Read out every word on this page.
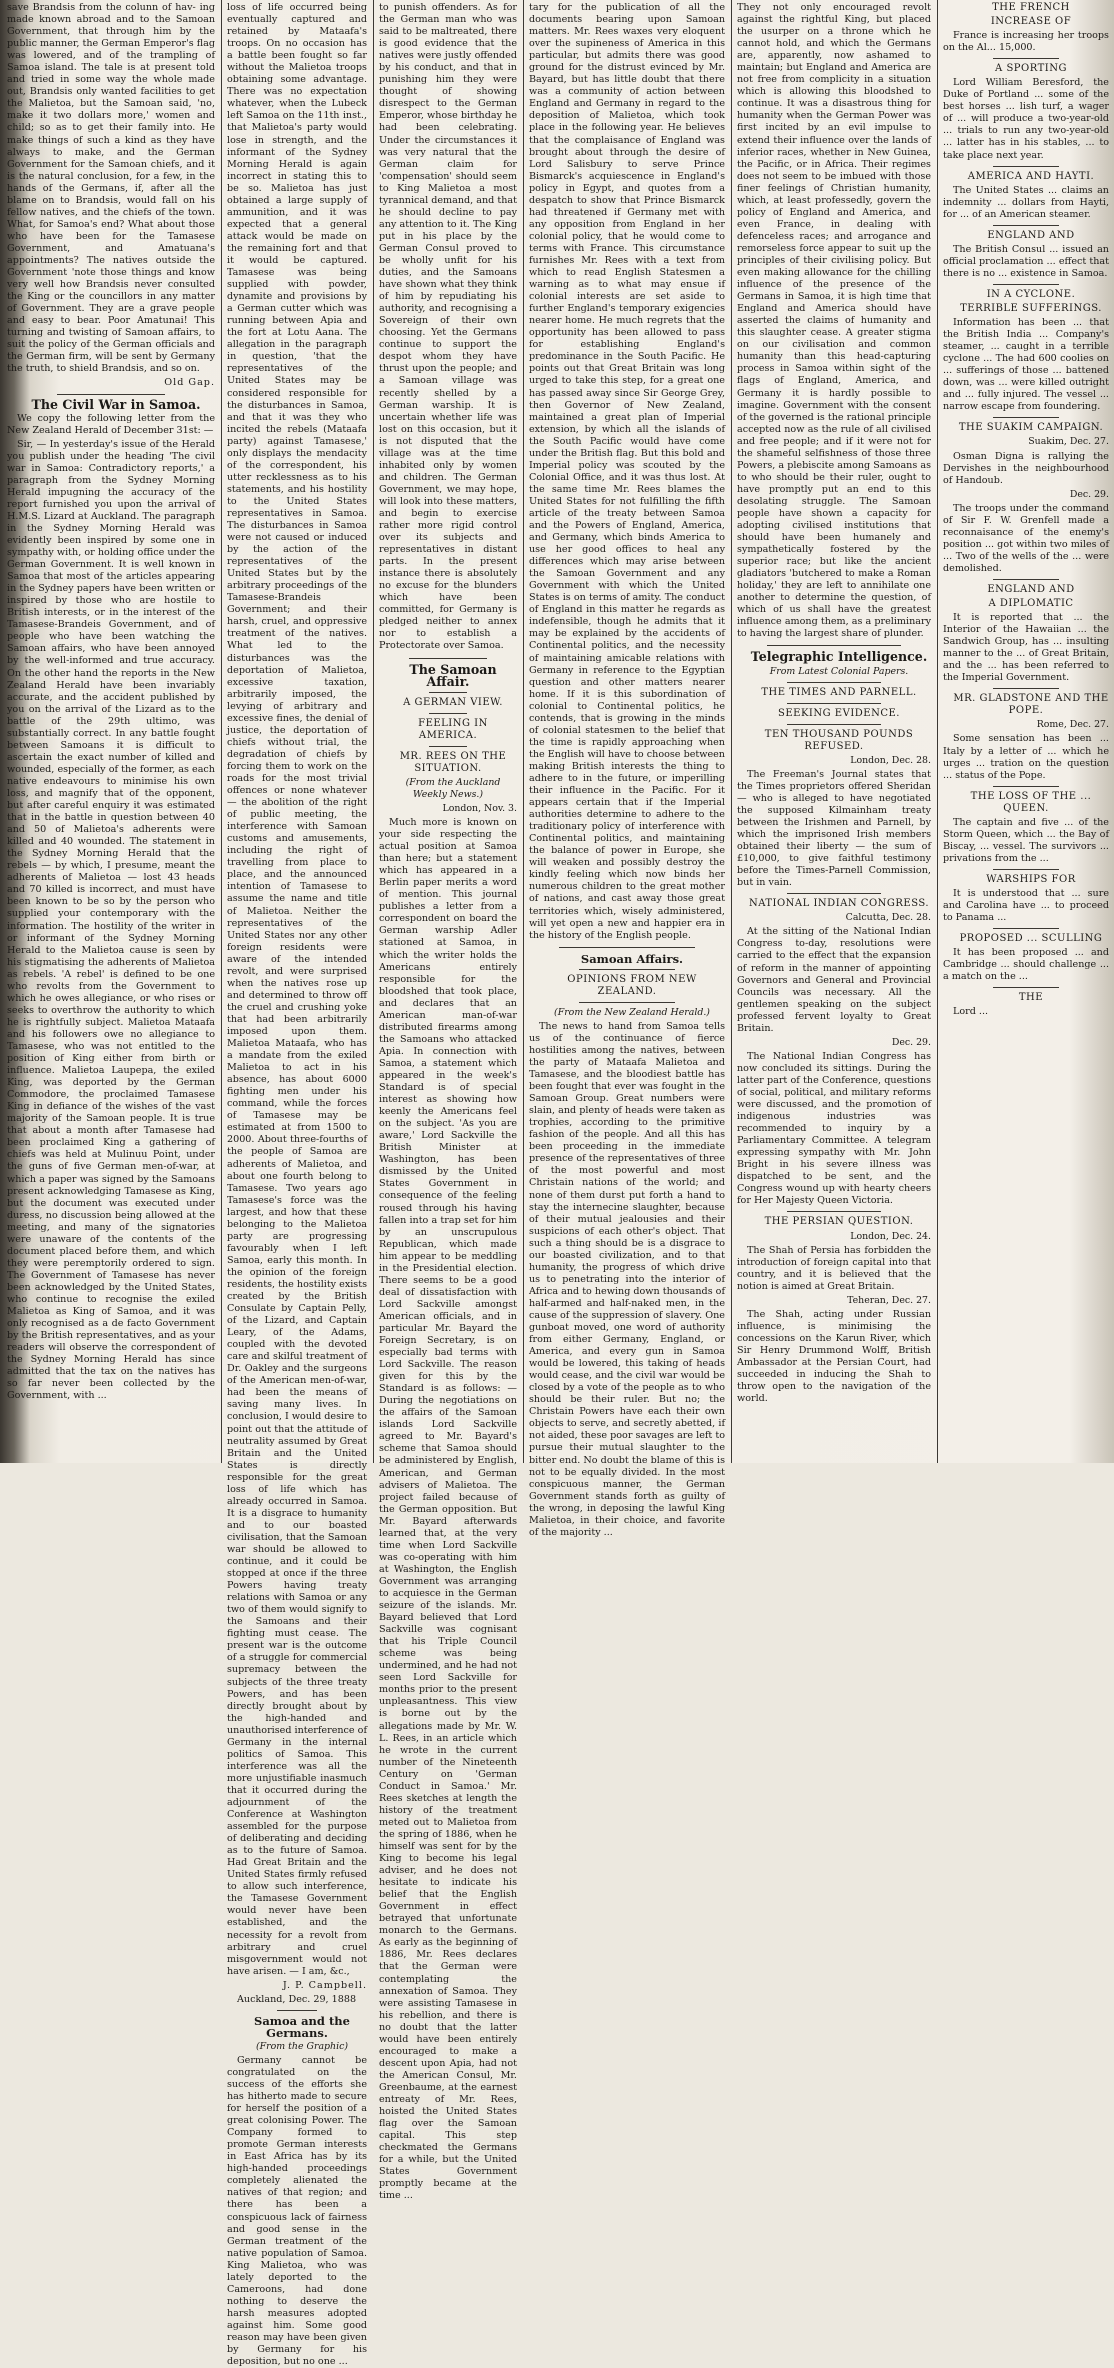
save Brandsis from the colunn of hav- ing made known abroad and to the Samoan Government, that through him by the public manner, the German Emperor's flag was lowered, and of the trampling of Samoa island. The tale is at present told and tried in some way the whole made out, Brandsis only wanted facilities to get the Malietoa, but the Samoan said, 'no, make it two dollars more,' women and child; so as to get their family into. He make things of such a kind as they have always to make, and the German Government for the Samoan chiefs, and it is the natural conclusion, for a few, in the hands of the Germans, if, after all the blame on to Brandsis, would fall on his fellow natives, and the chiefs of the town. What, for Samoa's end? What about those who have been for the Tamasese Government, and Amatuana's appointments? The natives outside the Government 'note those things and know very well how Brandsis never consulted the King or the councillors in any matter of Government. They are a grave people and easy to bear. Poor Amatunai! This turning and twisting of Samoan affairs, to suit the policy of the German officials and the German firm, will be sent by Germany the truth, to shield Brandsis, and so on.

Old Gap.

The Civil War in Samoa.

We copy the following letter from the New Zealand Herald of December 31st: —

Sir, — In yesterday's issue of the Herald you publish under the heading 'The civil war in Samoa: Contradictory reports,' a paragraph from the Sydney Morning Herald impugning the accuracy of the report furnished you upon the arrival of H.M.S. Lizard at Auckland. The paragraph in the Sydney Morning Herald was evidently been inspired by some one in sympathy with, or holding office under the German Government. It is well known in Samoa that most of the articles appearing in the Sydney papers have been written or inspired by those who are hostile to British interests, or in the interest of the Tamasese-Brandeis Government, and of people who have been watching the Samoan affairs, who have been annoyed by the well-informed and true accuracy. On the other hand the reports in the New Zealand Herald have been invariably accurate, and the accident published by you on the arrival of the Lizard as to the battle of the 29th ultimo, was substantially correct. In any battle fought between Samoans it is difficult to ascertain the exact number of killed and wounded, especially of the former, as each native endeavours to minimise his own loss, and magnify that of the opponent, but after careful enquiry it was estimated that in the battle in question between 40 and 50 of Malietoa's adherents were killed and 40 wounded. The statement in the Sydney Morning Herald that the rebels — by which, I presume, meant the adherents of Malietoa — lost 43 heads and 70 killed is incorrect, and must have been known to be so by the person who supplied your contemporary with the information. The hostility of the writer in or informant of the Sydney Morning Herald to the Malietoa cause is seen by his stigmatising the adherents of Malietoa as rebels. 'A rebel' is defined to be one who revolts from the Government to which he owes allegiance, or who rises or seeks to overthrow the authority to which he is rightfully subject. Malietoa Mataafa and his followers owe no allegiance to Tamasese, who was not entitled to the position of King either from birth or influence. Malietoa Laupepa, the exiled King, was deported by the German Commodore, the proclaimed Tamasese King in defiance of the wishes of the vast majority of the Samoan people. It is true that about a month after Tamasese had been proclaimed King a gathering of chiefs was held at Mulinuu Point, under the guns of five German men-of-war, at which a paper was signed by the Samoans present acknowledging Tamasese as King, but the document was executed under duress, no discussion being allowed at the meeting, and many of the signatories were unaware of the contents of the document placed before them, and which they were peremptorily ordered to sign. The Government of Tamasese has never been acknowledged by the United States, who continue to recognise the exiled Malietoa as King of Samoa, and it was only recognised as a de facto Government by the British representatives, and as your readers will observe the correspondent of the Sydney Morning Herald has since admitted that the tax on the natives has so far never been collected by the Government, with ...

loss of life occurred being eventually captured and retained by Mataafa's troops. On no occasion has a battle been fought so far without the Malietoa troops obtaining some advantage. There was no expectation whatever, when the Lubeck left Samoa on the 11th inst., that Malietoa's party would lose in strength, and the informant of the Sydney Morning Herald is again incorrect in stating this to be so. Malietoa has just obtained a large supply of ammunition, and it was expected that a general attack would be made on the remaining fort and that it would be captured. Tamasese was being supplied with powder, dynamite and provisions by a German cutter which was running between Apia and the fort at Lotu Aana. The allegation in the paragraph in question, 'that the representatives of the United States may be considered responsible for the disturbances in Samoa, and that it was they who incited the rebels (Mataafa party) against Tamasese,' only displays the mendacity of the correspondent, his utter recklessness as to his statements, and his hostility to the United States representatives in Samoa. The disturbances in Samoa were not caused or induced by the action of the representatives of the United States but by the arbitrary proceedings of the Tamasese-Brandeis Government; and their harsh, cruel, and oppressive treatment of the natives. What led to the disturbances was the deportation of Malietoa, excessive taxation, arbitrarily imposed, the levying of arbitrary and excessive fines, the denial of justice, the deportation of chiefs without trial, the degradation of chiefs by forcing them to work on the roads for the most trivial offences or none whatever — the abolition of the right of public meeting, the interference with Samoan customs and amusements, including the right of travelling from place to place, and the announced intention of Tamasese to assume the name and title of Malietoa. Neither the representatives of the United States nor any other foreign residents were aware of the intended revolt, and were surprised when the natives rose up and determined to throw off the cruel and crushing yoke that had been arbitrarily imposed upon them. Malietoa Mataafa, who has a mandate from the exiled Malietoa to act in his absence, has about 6000 fighting men under his command, while the forces of Tamasese may be estimated at from 1500 to 2000. About three-fourths of the people of Samoa are adherents of Malietoa, and about one fourth belong to Tamasese. Two years ago Tamasese's force was the largest, and how that these belonging to the Malietoa party are progressing favourably when I left Samoa, early this month. In the opinion of the foreign residents, the hostility exists created by the British Consulate by Captain Pelly, of the Lizard, and Captain Leary, of the Adams, coupled with the devoted care and skilful treatment of Dr. Oakley and the surgeons of the American men-of-war, had been the means of saving many lives. In conclusion, I would desire to point out that the attitude of neutrality assumed by Great Britain and the United States is directly responsible for the great loss of life which has already occurred in Samoa. It is a disgrace to humanity and to our boasted civilisation, that the Samoan war should be allowed to continue, and it could be stopped at once if the three Powers having treaty relations with Samoa or any two of them would signify to the Samoans and their fighting must cease. The present war is the outcome of a struggle for commercial supremacy between the subjects of the three treaty Powers, and has been directly brought about by the high-handed and unauthorised interference of Germany in the internal politics of Samoa. This interference was all the more unjustifiable inasmuch that it occurred during the adjournment of the Conference at Washington assembled for the purpose of deliberating and deciding as to the future of Samoa. Had Great Britain and the United States firmly refused to allow such interference, the Tamasese Government would never have been established, and the necessity for a revolt from arbitrary and cruel misgovernment would not have arisen. — I am, &c.,

J. P. Campbell.

Auckland, Dec. 29, 1888

Samoa and the Germans.

(From the Graphic)

Germany cannot be congratulated on the success of the efforts she has hitherto made to secure for herself the position of a great colonising Power. The Company formed to promote German interests in East Africa has by its high-handed proceedings completely alienated the natives of that region; and there has been a conspicuous lack of fairness and good sense in the German treatment of the native population of Samoa. King Malietoa, who was lately deported to the Cameroons, had done nothing to deserve the harsh measures adopted against him. Some good reason may have been given by Germany for his deposition, but no one ...

to punish offenders. As for the German man who was said to be maltreated, there is good evidence that the natives were justly offended by his conduct, and that in punishing him they were thought of showing disrespect to the German Emperor, whose birthday he had been celebrating. Under the circumstances it was very natural that the German claim for 'compensation' should seem to King Malietoa a most tyrannical demand, and that he should decline to pay any attention to it. The King put in his place by the German Consul proved to be wholly unfit for his duties, and the Samoans have shown what they think of him by repudiating his authority, and recognising a Sovereign of their own choosing. Yet the Germans continue to support the despot whom they have thrust upon the people; and a Samoan village was recently shelled by a German warship. It is uncertain whether life was lost on this occasion, but it is not disputed that the village was at the time inhabited only by women and children. The German Government, we may hope, will look into these matters, and begin to exercise rather more rigid control over its subjects and representatives in distant parts. In the present instance there is absolutely no excuse for the blunders which have been committed, for Germany is pledged neither to annex nor to establish a Protectorate over Samoa.

The Samoan Affair.

A GERMAN VIEW.

FEELING IN AMERICA.

MR. REES ON THE SITUATION.

(From the Auckland Weekly News.)

London, Nov. 3.

Much more is known on your side respecting the actual position at Samoa than here; but a statement which has appeared in a Berlin paper merits a word of mention. This journal publishes a letter from a correspondent on board the German warship Adler stationed at Samoa, in which the writer holds the Americans entirely responsible for the bloodshed that took place, and declares that an American man-of-war distributed firearms among the Samoans who attacked Apia. In connection with Samoa, a statement which appeared in the week's Standard is of special interest as showing how keenly the Americans feel on the subject. 'As you are aware,' Lord Sackville the British Minister at Washington, has been dismissed by the United States Government in consequence of the feeling roused through his having fallen into a trap set for him by an unscrupulous Republican, which made him appear to be meddling in the Presidential election. There seems to be a good deal of dissatisfaction with Lord Sackville amongst American officials, and in particular Mr. Bayard the Foreign Secretary, is on especially bad terms with Lord Sackville. The reason given for this by the Standard is as follows: — During the negotiations on the affairs of the Samoan islands Lord Sackville agreed to Mr. Bayard's scheme that Samoa should be administered by English, American, and German advisers of Malietoa. The project failed because of the German opposition. But Mr. Bayard afterwards learned that, at the very time when Lord Sackville was co-operating with him at Washington, the English Government was arranging to acquiesce in the German seizure of the islands. Mr. Bayard believed that Lord Sackville was cognisant that his Triple Council scheme was being undermined, and he had not seen Lord Sackville for months prior to the present unpleasantness. This view is borne out by the allegations made by Mr. W. L. Rees, in an article which he wrote in the current number of the Nineteenth Century on 'German Conduct in Samoa.' Mr. Rees sketches at length the history of the treatment meted out to Malietoa from the spring of 1886, when he himself was sent for by the King to become his legal adviser, and he does not hesitate to indicate his belief that the English Government in effect betrayed that unfortunate monarch to the Germans. As early as the beginning of 1886, Mr. Rees declares that the German were contemplating the annexation of Samoa. They were assisting Tamasese in his rebellion, and there is no doubt that the latter would have been entirely encouraged to make a descent upon Apia, had not the American Consul, Mr. Greenbaume, at the earnest entreaty of Mr. Rees, hoisted the United States flag over the Samoan capital. This step checkmated the Germans for a while, but the United States Government promptly became at the time ...

tary for the publication of all the documents bearing upon Samoan matters. Mr. Rees waxes very eloquent over the supineness of America in this particular, but admits there was good ground for the distrust evinced by Mr. Bayard, but has little doubt that there was a community of action between England and Germany in regard to the deposition of Malietoa, which took place in the following year. He believes that the complaisance of England was brought about through the desire of Lord Salisbury to serve Prince Bismarck's acquiescence in England's policy in Egypt, and quotes from a despatch to show that Prince Bismarck had threatened if Germany met with any opposition from England in her colonial policy, that he would come to terms with France. This circumstance furnishes Mr. Rees with a text from which to read English Statesmen a warning as to what may ensue if colonial interests are set aside to further England's temporary exigencies nearer home. He much regrets that the opportunity has been allowed to pass for establishing England's predominance in the South Pacific. He points out that Great Britain was long urged to take this step, for a great one has passed away since Sir George Grey, then Governor of New Zealand, maintained a great plan of Imperial extension, by which all the islands of the South Pacific would have come under the British flag. But this bold and Imperial policy was scouted by the Colonial Office, and it was thus lost. At the same time Mr. Rees blames the United States for not fulfilling the fifth article of the treaty between Samoa and the Powers of England, America, and Germany, which binds America to use her good offices to heal any differences which may arise between the Samoan Government and any Government with which the United States is on terms of amity. The conduct of England in this matter he regards as indefensible, though he admits that it may be explained by the accidents of Continental politics, and the necessity of maintaining amicable relations with Germany in reference to the Egyptian question and other matters nearer home. If it is this subordination of colonial to Continental politics, he contends, that is growing in the minds of colonial statesmen to the belief that the time is rapidly approaching when the English will have to choose between making British interests the thing to adhere to in the future, or imperilling their influence in the Pacific. For it appears certain that if the Imperial authorities determine to adhere to the traditionary policy of interference with Continental politics, and maintaining the balance of power in Europe, she will weaken and possibly destroy the kindly feeling which now binds her numerous children to the great mother of nations, and cast away those great territories which, wisely administered, will yet open a new and happier era in the history of the English people.

Samoan Affairs.

OPINIONS FROM NEW ZEALAND.

(From the New Zealand Herald.)

The news to hand from Samoa tells us of the continuance of fierce hostilities among the natives, between the party of Mataafa Malietoa and Tamasese, and the bloodiest battle has been fought that ever was fought in the Samoan Group. Great numbers were slain, and plenty of heads were taken as trophies, according to the primitive fashion of the people. And all this has been proceeding in the immediate presence of the representatives of three of the most powerful and most Christain nations of the world; and none of them durst put forth a hand to stay the internecine slaughter, because of their mutual jealousies and their suspicions of each other's object. That such a thing should be is a disgrace to our boasted civilization, and to that humanity, the progress of which drive us to penetrating into the interior of Africa and to hewing down thousands of half-armed and half-naked men, in the cause of the suppression of slavery. One gunboat moved, one word of authority from either Germany, England, or America, and every gun in Samoa would be lowered, this taking of heads would cease, and the civil war would be closed by a vote of the people as to who should be their ruler. But no; the Christain Powers have each their own objects to serve, and secretly abetted, if not aided, these poor savages are left to pursue their mutual slaughter to the bitter end. No doubt the blame of this is not to be equally divided. In the most conspicuous manner, the German Government stands forth as guilty of the wrong, in deposing the lawful King Malietoa, in their choice, and favorite of the majority ...

They not only encouraged revolt against the rightful King, but placed the usurper on a throne which he cannot hold, and which the Germans are, apparently, now ashamed to maintain; but England and America are not free from complicity in a situation which is allowing this bloodshed to continue. It was a disastrous thing for humanity when the German Power was first incited by an evil impulse to extend their influence over the lands of inferior races, whether in New Guinea, the Pacific, or in Africa. Their regimes does not seem to be imbued with those finer feelings of Christian humanity, which, at least professedly, govern the policy of England and America, and even France, in dealing with defenceless races; and arrogance and remorseless force appear to suit up the principles of their civilising policy. But even making allowance for the chilling influence of the presence of the Germans in Samoa, it is high time that England and America should have asserted the claims of humanity and this slaughter cease. A greater stigma on our civilisation and common humanity than this head-capturing process in Samoa within sight of the flags of England, America, and Germany it is hardly possible to imagine. Government with the consent of the governed is the rational principle accepted now as the rule of all civilised and free people; and if it were not for the shameful selfishness of those three Powers, a plebiscite among Samoans as to who should be their ruler, ought to have promptly put an end to this desolating struggle. The Samoan people have shown a capacity for adopting civilised institutions that should have been humanely and sympathetically fostered by the superior race; but like the ancient gladiators 'butchered to make a Roman holiday,' they are left to annihilate one another to determine the question, of which of us shall have the greatest influence among them, as a preliminary to having the largest share of plunder.

Telegraphic Intelligence.

From Latest Colonial Papers.

THE TIMES AND PARNELL.

SEEKING EVIDENCE.

TEN THOUSAND POUNDS REFUSED.

London, Dec. 28.

The Freeman's Journal states that the Times proprietors offered Sheridan — who is alleged to have negotiated the supposed Kilmainham treaty between the Irishmen and Parnell, by which the imprisoned Irish members obtained their liberty — the sum of £10,000, to give faithful testimony before the Times-Parnell Commission, but in vain.

NATIONAL INDIAN CONGRESS.

Calcutta, Dec. 28.

At the sitting of the National Indian Congress to-day, resolutions were carried to the effect that the expansion of reform in the manner of appointing Governors and General and Provincial Councils was necessary. All the gentlemen speaking on the subject professed fervent loyalty to Great Britain.

Dec. 29.

The National Indian Congress has now concluded its sittings. During the latter part of the Conference, questions of social, political, and military reforms were discussed, and the promotion of indigenous industries was recommended to inquiry by a Parliamentary Committee. A telegram expressing sympathy with Mr. John Bright in his severe illness was dispatched to be sent, and the Congress wound up with hearty cheers for Her Majesty Queen Victoria.

THE PERSIAN QUESTION.

London, Dec. 24.

The Shah of Persia has forbidden the introduction of foreign capital into that country, and it is believed that the notion is aimed at Great Britain.

Teheran, Dec. 27.

The Shah, acting under Russian influence, is minimising the concessions on the Karun River, which Sir Henry Drummond Wolff, British Ambassador at the Persian Court, had succeeded in inducing the Shah to throw open to the navigation of the world.

THE FRENCH

INCREASE OF

France is increasing her troops on the Al... 15,000.

A SPORTING

Lord William Beresford, the Duke of Portland ... some of the best horses ... lish turf, a wager of ... will produce a two-year-old ... trials to run any two-year-old ... latter has in his stables, ... to take place next year.

AMERICA AND HAYTI.

The United States ... claims an indemnity ... dollars from Hayti, for ... of an American steamer.

ENGLAND AND

The British Consul ... issued an official proclamation ... effect that there is no ... existence in Samoa.

IN A CYCLONE.

TERRIBLE SUFFERINGS.

Information has been ... that the British India ... Company's steamer, ... caught in a terrible cyclone ... The had 600 coolies on ... sufferings of those ... battened down, was ... were killed outright and ... fully injured. The vessel ... narrow escape from foundering.

THE SUAKIM CAMPAIGN.

Suakim, Dec. 27.

Osman Digna is rallying the Dervishes in the neighbourhood of Handoub.

Dec. 29.

The troops under the command of Sir F. W. Grenfell made a reconnaisance of the enemy's position ... got within two miles of ... Two of the wells of the ... were demolished.

ENGLAND AND

A DIPLOMATIC

It is reported that ... the Interior of the Hawaiian ... the Sandwich Group, has ... insulting manner to the ... of Great Britain, and the ... has been referred to the Imperial Government.

MR. GLADSTONE AND THE POPE.

Rome, Dec. 27.

Some sensation has been ... Italy by a letter of ... which he urges ... tration on the question ... status of the Pope.

THE LOSS OF THE ... QUEEN.

The captain and five ... of the Storm Queen, which ... the Bay of Biscay, ... vessel. The survivors ... privations from the ...

WARSHIPS FOR

It is understood that ... sure and Carolina have ... to proceed to Panama ...

PROPOSED ... SCULLING

It has been proposed ... and Cambridge ... should challenge ... a match on the ...

THE

Lord ...
